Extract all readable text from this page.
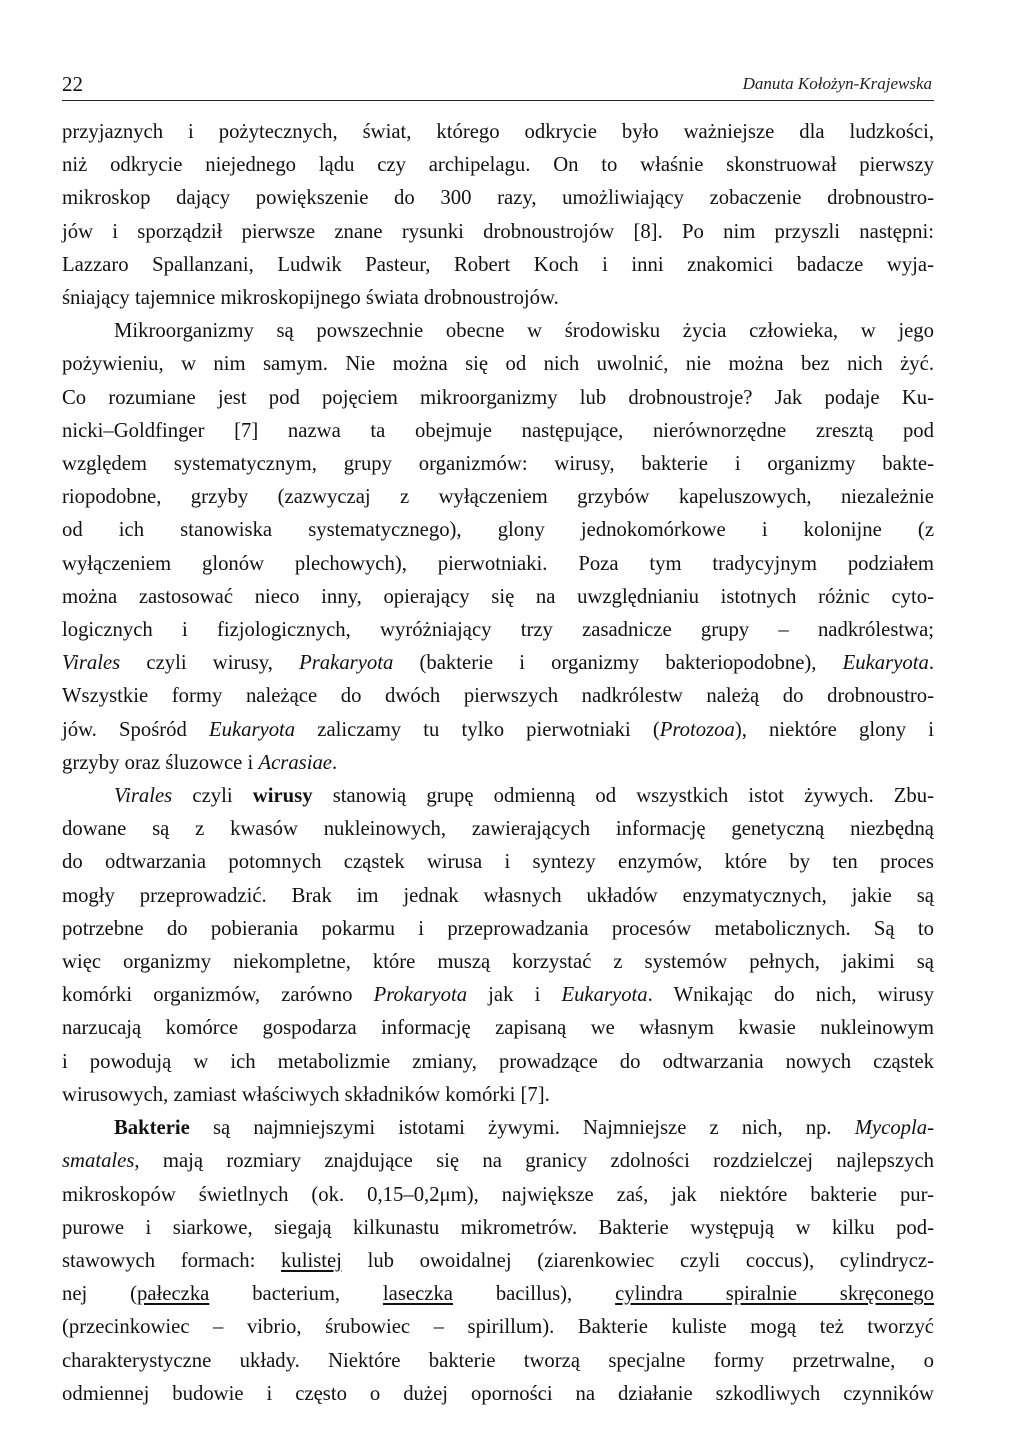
22	Danuta Kołożyn-Krajewska

przyjaznych i pożytecznych, świat, którego odkrycie było ważniejsze dla ludzkości,
niż odkrycie niejednego lądu czy archipelagu. On to właśnie skonstruował pierwszy
mikroskop dający powiększenie do 300 razy, umożliwiający zobaczenie drobnoustro-
jów i sporządził pierwsze znane rysunki drobnoustrojów [8]. Po nim przyszli następni:
Lazzaro Spallanzani, Ludwik Pasteur, Robert Koch i inni znakomici badacze wyja-
śniający tajemnice mikroskopijnego świata drobnoustrojów.

Mikroorganizmy są powszechnie obecne w środowisku życia człowieka, w jego
pożywieniu, w nim samym. Nie można się od nich uwolnić, nie można bez nich żyć.
Co rozumiane jest pod pojęciem mikroorganizmy lub drobnoustroje? Jak podaje Ku-
nicki–Goldfinger [7] nazwa ta obejmuje następujące, nierównorzędne zresztą pod
względem systematycznym, grupy organizmów: wirusy, bakterie i organizmy bakte-
riopodobne, grzyby (zazwyczaj z wyłączeniem grzybów kapeluszowych, niezależnie
od ich stanowiska systematycznego), glony jednokomórkowe i kolonijne (z
wyłączeniem glonów plechowych), pierwotniaki. Poza tym tradycyjnym podziałem
można zastosować nieco inny, opierający się na uwzględnianiu istotnych różnic cyto-
logicznych i fizjologicznych, wyróżniający trzy zasadnicze grupy – nadkrólestwa;
Virales czyli wirusy, Prakaryota (bakterie i organizmy bakteriopodobne), Eukaryota.
Wszystkie formy należące do dwóch pierwszych nadkrólestw należą do drobnoustro-
jów. Spośród Eukaryota zaliczamy tu tylko pierwotniaki (Protozoa), niektóre glony i
grzyby oraz śluzowce i Acrasiae.

Virales czyli wirusy stanowią grupę odmienną od wszystkich istot żywych. Zbu-
dowane są z kwasów nukleinowych, zawierających informację genetyczną niezbędną
do odtwarzania potomnych cząstek wirusa i syntezy enzymów, które by ten proces
mogły przeprowadzić. Brak im jednak własnych układów enzymatycznych, jakie są
potrzebne do pobierania pokarmu i przeprowadzania procesów metabolicznych. Są to
więc organizmy niekompletne, które muszą korzystać z systemów pełnych, jakimi są
komórki organizmów, zarówno Prokaryota jak i Eukaryota. Wnikając do nich, wirusy
narzucają komórce gospodarza informację zapisaną we własnym kwasie nukleinowym
i powodują w ich metabolizmie zmiany, prowadzące do odtwarzania nowych cząstek
wirusowych, zamiast właściwych składników komórki [7].

Bakterie są najmniejszymi istotami żywymi. Najmniejsze z nich, np. Mycopla-
smatales, mają rozmiary znajdujące się na granicy zdolności rozdzielczej najlepszych
mikroskopów świetlnych (ok. 0,15–0,2μm), największe zaś, jak niektóre bakterie pur-
purowe i siarkowe, siegają kilkunastu mikrometrów. Bakterie występują w kilku pod-
stawowych formach: kulistej lub owoidalnej (ziarenkowiec czyli coccus), cylindrycz-
nej (pałeczka bacterium, laseczka bacillus), cylindra spiralnie skręconego
(przecinkowiec – vibrio, śrubowiec – spirillum). Bakterie kuliste mogą też tworzyć
charakterystyczne układy. Niektóre bakterie tworzą specjalne formy przetrwalne, o
odmiennej budowie i często o dużej oporności na działanie szkodliwych czynników
